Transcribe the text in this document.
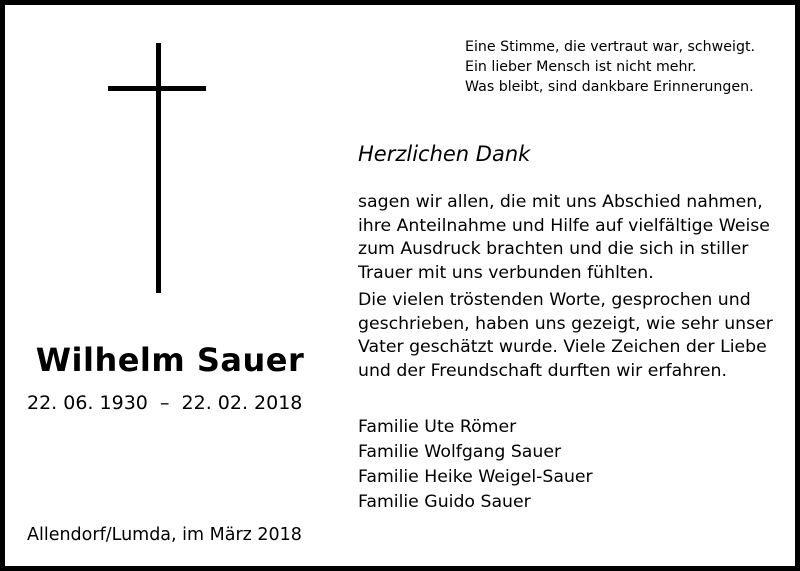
Eine Stimme, die vertraut war, schweigt.
Ein lieber Mensch ist nicht mehr.
Was bleibt, sind dankbare Erinnerungen.
Wilhelm Sauer
22. 06. 1930  –  22. 02. 2018
Herzlichen Dank
sagen wir allen, die mit uns Abschied nahmen,
ihre Anteilnahme und Hilfe auf vielfältige Weise
zum Ausdruck brachten und die sich in stiller
Trauer mit uns verbunden fühlten.
Die vielen tröstenden Worte, gesprochen und
geschrieben, haben uns gezeigt, wie sehr unser
Vater geschätzt wurde. Viele Zeichen der Liebe
und der Freundschaft durften wir erfahren.
Familie Ute Römer
Familie Wolfgang Sauer
Familie Heike Weigel-Sauer
Familie Guido Sauer
Allendorf/Lumda, im März 2018
